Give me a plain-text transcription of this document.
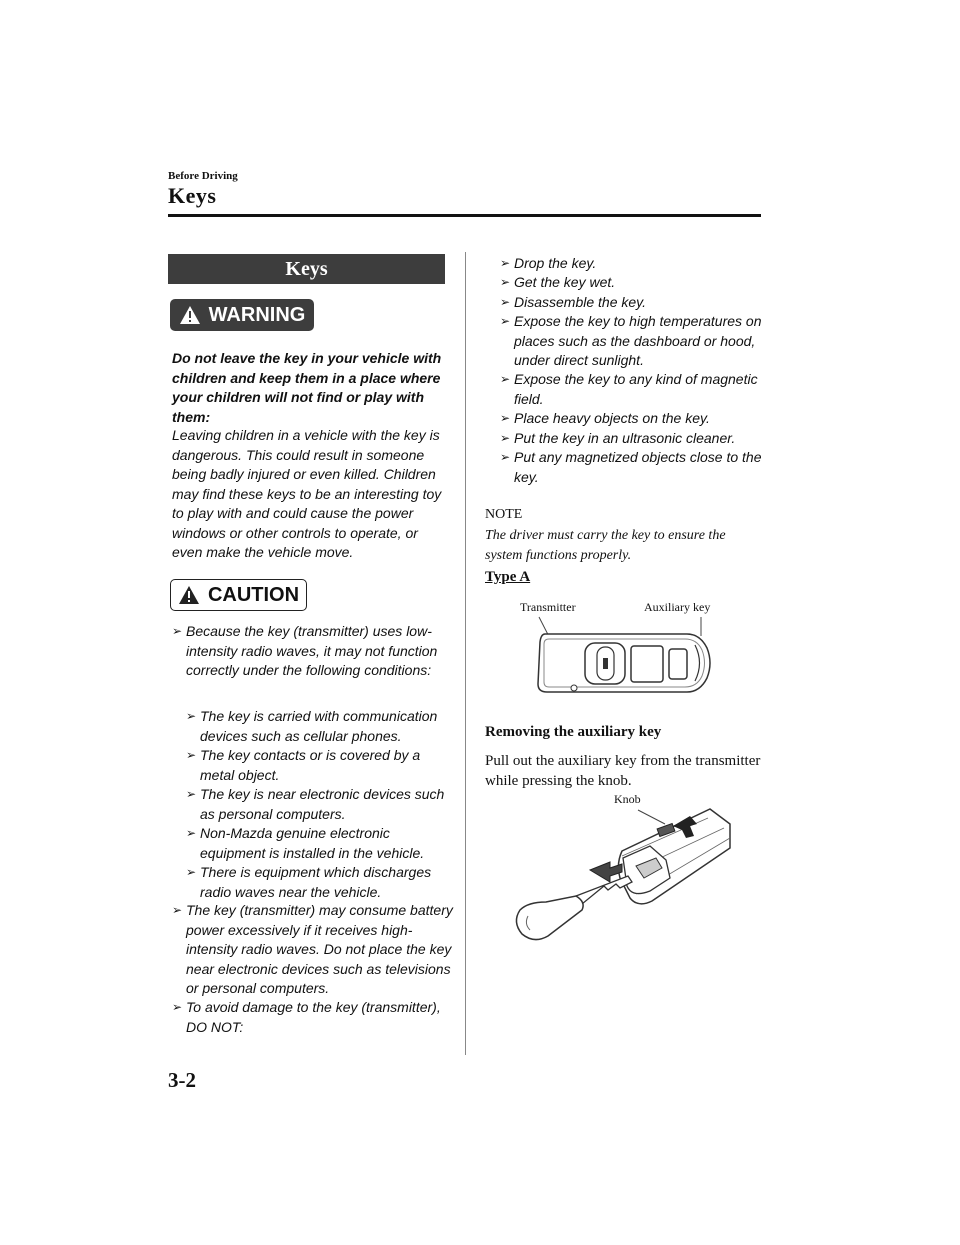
Before Driving
Keys
Keys
WARNING
Do not leave the key in your vehicle with children and keep them in a place where your children will not find or play with them:
Leaving children in a vehicle with the key is dangerous. This could result in someone being badly injured or even killed. Children may find these keys to be an interesting toy to play with and could cause the power windows or other controls to operate, or even make the vehicle move.
CAUTION
➢ Because the key (transmitter) uses low-intensity radio waves, it may not function correctly under the following conditions:
➢ The key is carried with communication devices such as cellular phones.
➢ The key contacts or is covered by a metal object.
➢ The key is near electronic devices such as personal computers.
➢ Non-Mazda genuine electronic equipment is installed in the vehicle.
➢ There is equipment which discharges radio waves near the vehicle.
➢ The key (transmitter) may consume battery power excessively if it receives high-intensity radio waves. Do not place the key near electronic devices such as televisions or personal computers.
➢ To avoid damage to the key (transmitter), DO NOT:
➢ Drop the key.
➢ Get the key wet.
➢ Disassemble the key.
➢ Expose the key to high temperatures on places such as the dashboard or hood, under direct sunlight.
➢ Expose the key to any kind of magnetic field.
➢ Place heavy objects on the key.
➢ Put the key in an ultrasonic cleaner.
➢ Put any magnetized objects close to the key.
NOTE
The driver must carry the key to ensure the system functions properly.
Type A
Transmitter	Auxiliary key
Removing the auxiliary key
Pull out the auxiliary key from the transmitter while pressing the knob.
Knob
3-2
